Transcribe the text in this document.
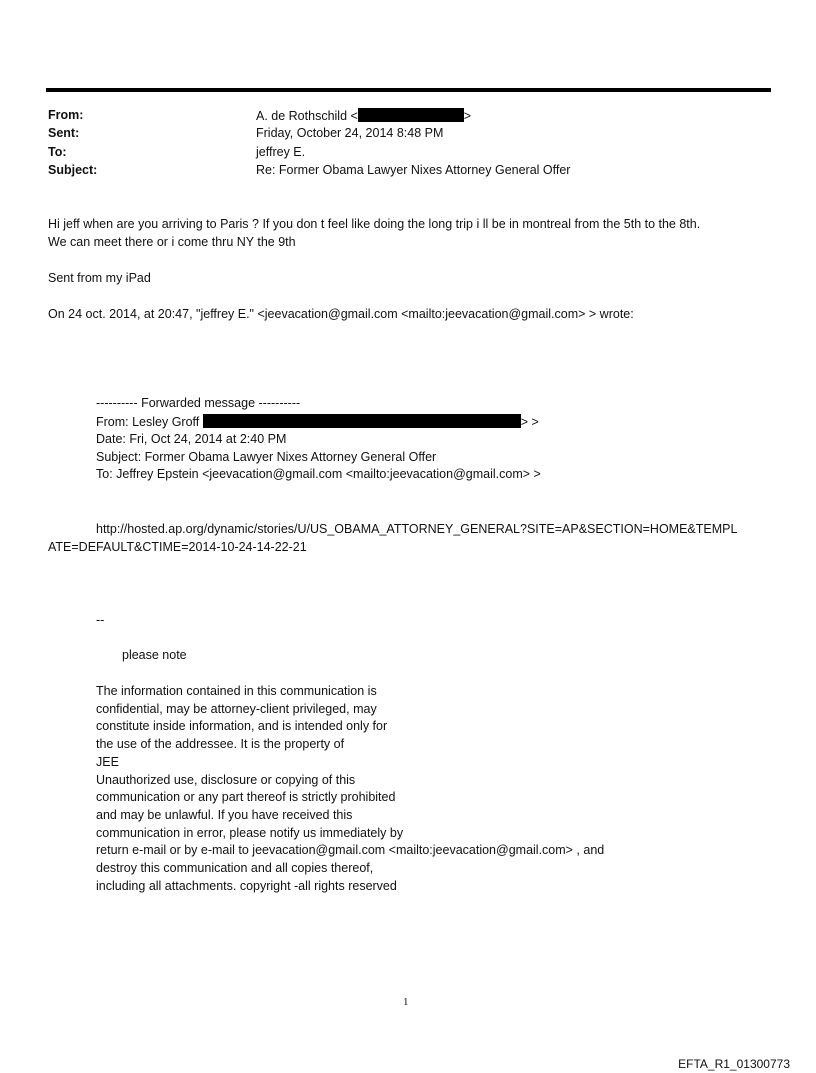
From:	A. de Rothschild <	>
Sent:	Friday, October 24, 2014 8:48 PM
To:	jeffrey E.
Subject:	Re: Former Obama Lawyer Nixes Attorney General Offer
Hi jeff when are you arriving to Paris ? If you don t feel like doing the long trip i ll be in montreal from the 5th to the 8th.
We can meet there or i come thru NY the 9th
Sent from my iPad
On 24 oct. 2014, at 20:47, "jeffrey E." <jeevacation@gmail.com <mailto:jeevacation@gmail.com> > wrote:
---------- Forwarded message ----------
From: Lesley Groff	> >
Date: Fri, Oct 24, 2014 at 2:40 PM
Subject: Former Obama Lawyer Nixes Attorney General Offer
To: Jeffrey Epstein <jeevacation@gmail.com <mailto:jeevacation@gmail.com> >
http://hosted.ap.org/dynamic/stories/U/US_OBAMA_ATTORNEY_GENERAL?SITE=AP&SECTION=HOME&TEMPL
ATE=DEFAULT&CTIME=2014-10-24-14-22-21
--
please note
The information contained in this communication is
confidential, may be attorney-client privileged, may
constitute inside information, and is intended only for
the use of the addressee. It is the property of
JEE
Unauthorized use, disclosure or copying of this
communication or any part thereof is strictly prohibited
and may be unlawful. If you have received this
communication in error, please notify us immediately by
return e-mail or by e-mail to jeevacation@gmail.com <mailto:jeevacation@gmail.com> , and
destroy this communication and all copies thereof,
including all attachments. copyright -all rights reserved
1
EFTA_R1_01300773
